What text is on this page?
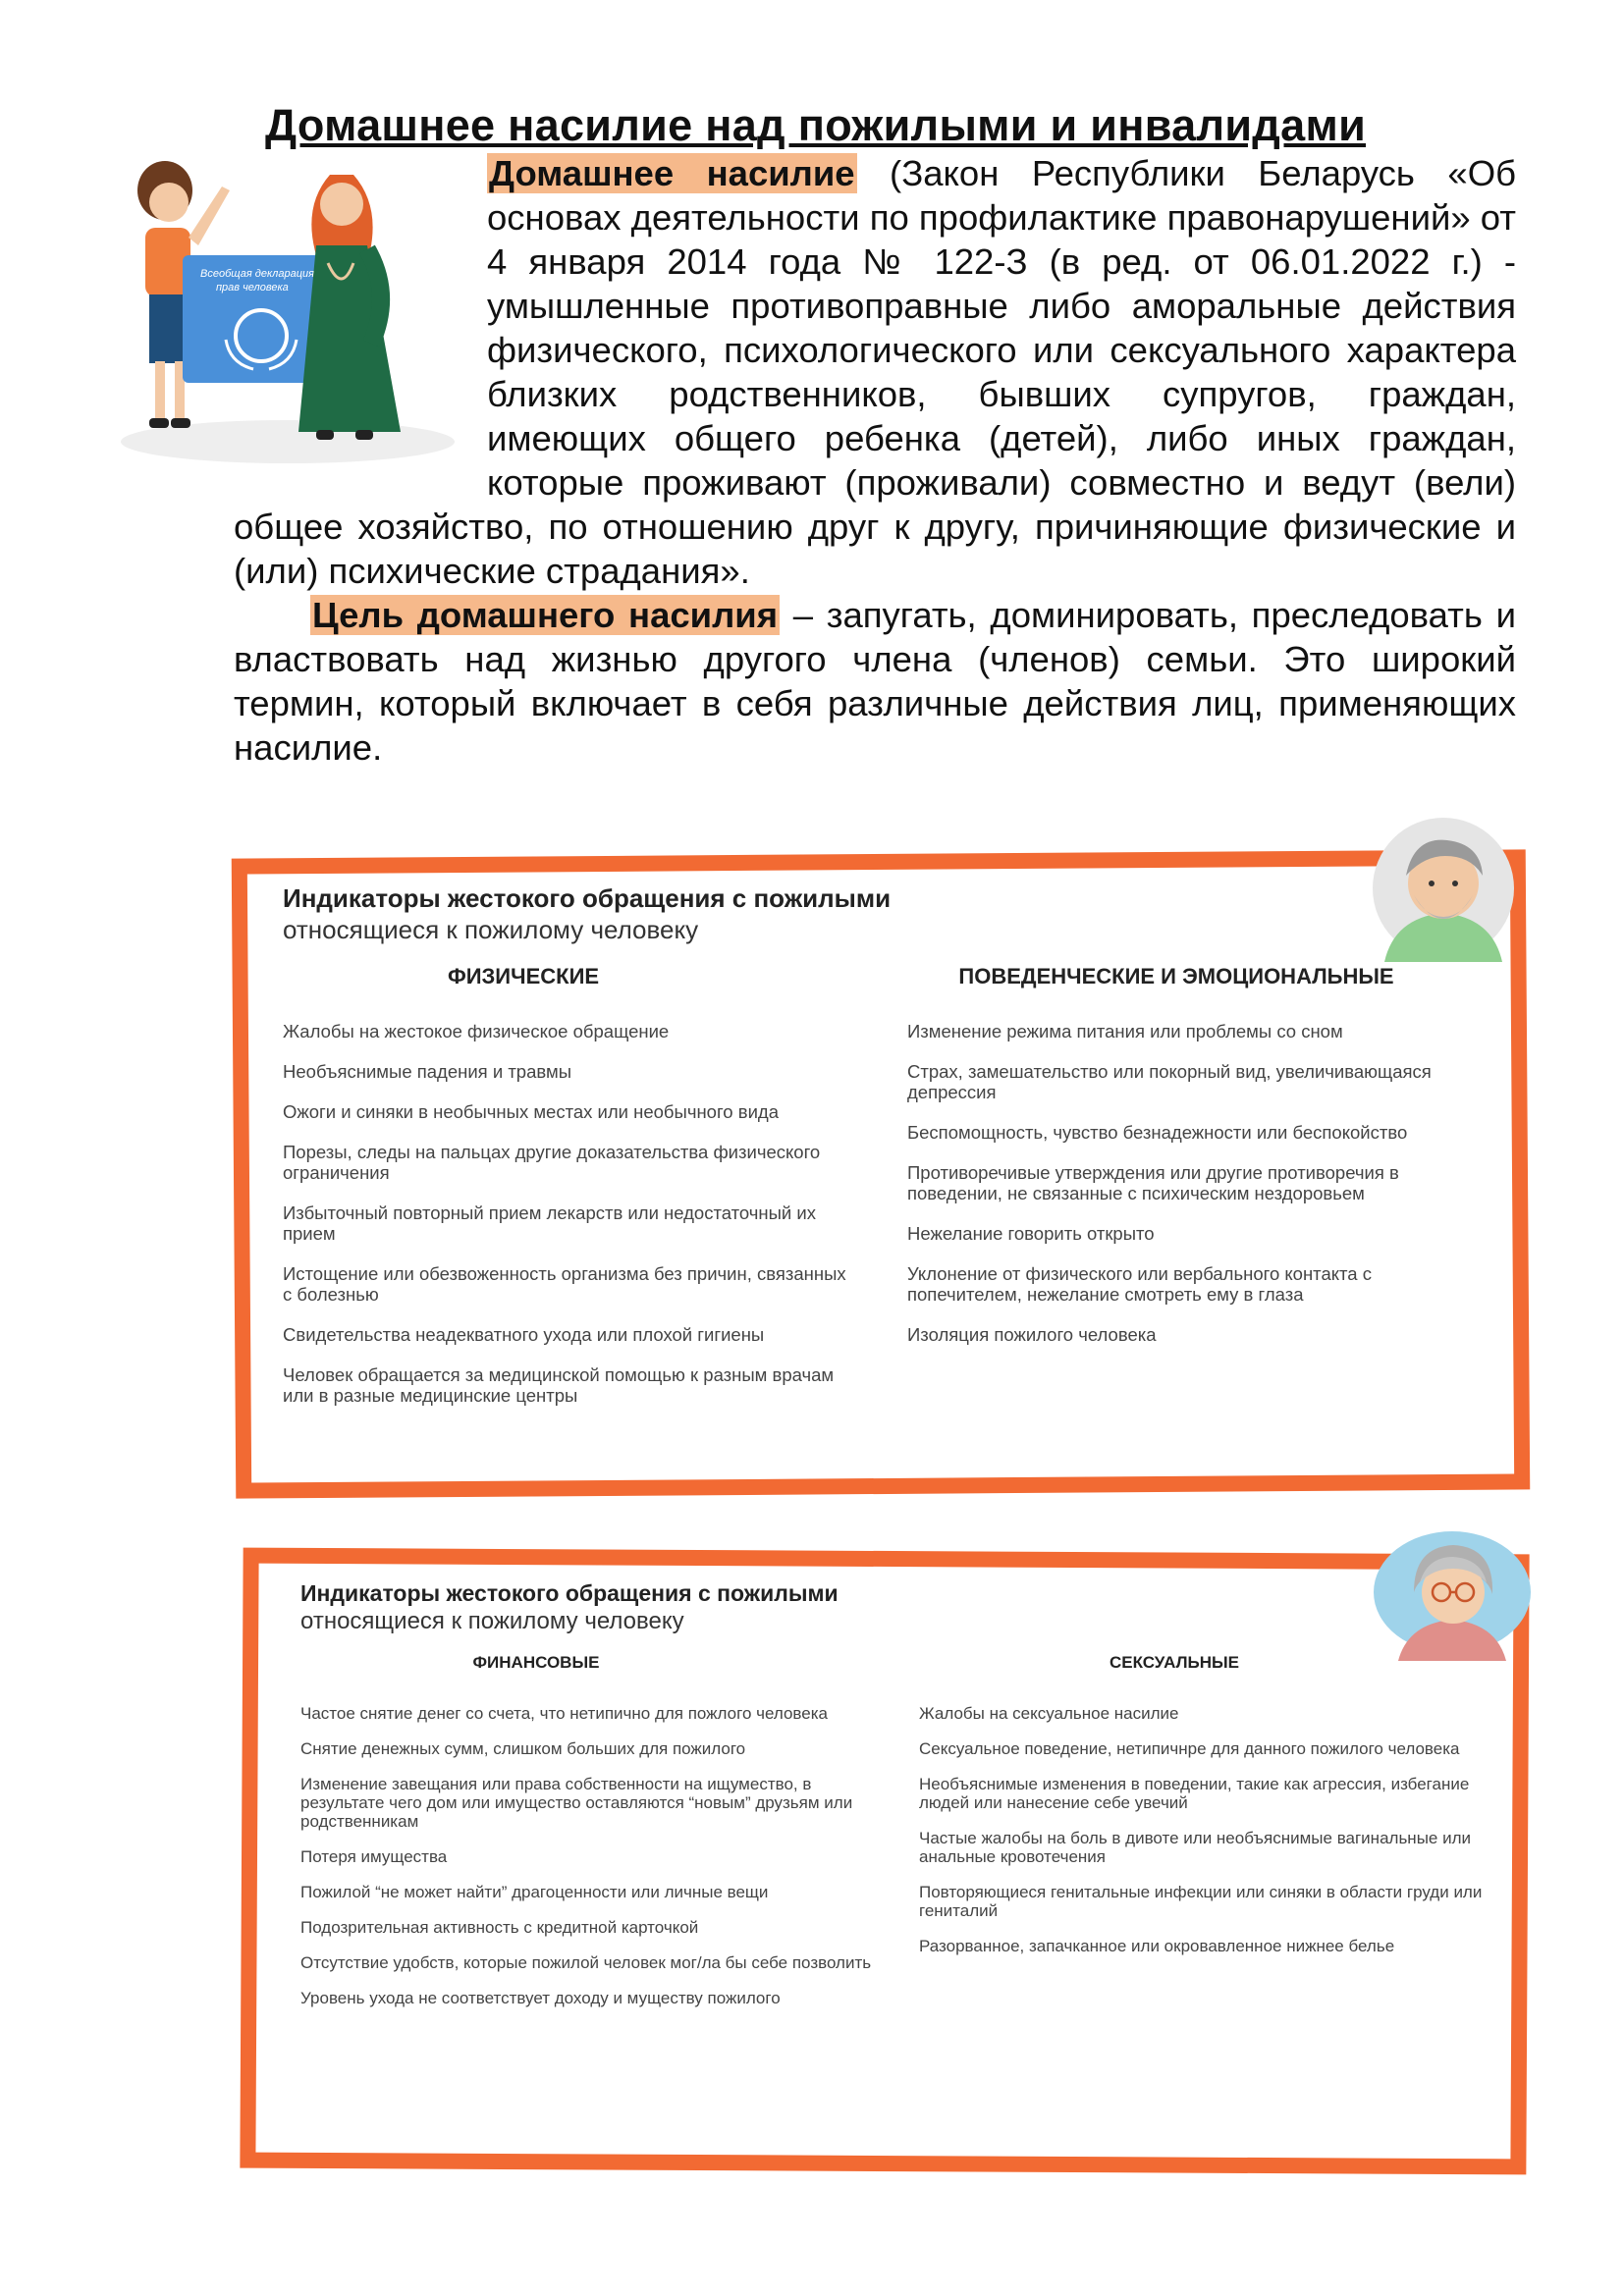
Домашнее насилие над пожилыми и инвалидами
Всеобщая декларация
прав человека
Домашнее насилие (Закон Республики Беларусь «Об основах деятельности по профилактике правонарушений» от 4 января 2014 года № 122-З (в ред. от 06.01.2022 г.) - умышленные противоправные либо аморальные действия физического, психологического или сексуального характера близких родственников, бывших супругов, граждан, имеющих общего ребенка (детей), либо иных граждан, которые проживают (проживали) совместно и ведут (вели) общее хозяйство, по отношению друг к другу, причиняющие физические и (или) психические страдания».
Цель домашнего насилия – запугать, доминировать, преследовать и властвовать над жизнью другого члена (членов) семьи. Это широкий термин, который включает в себя различные действия лиц, применяющих насилие.
Индикаторы жестокого обращения с пожилыми
относящиеся к пожилому человеку
ФИЗИЧЕСКИЕ	ПОВЕДЕНЧЕСКИЕ И ЭМОЦИОНАЛЬНЫЕ
Жалобы на жестокое физическое обращение
Необъяснимые падения и травмы
Ожоги и синяки в необычных местах или необычного вида
Порезы, следы на пальцах другие доказательства физического ограничения
Избыточный повторный прием лекарств или недостаточный их прием
Истощение или обезвоженность организма без причин, связанных с болезнью
Свидетельства неадекватного ухода или плохой гигиены
Человек обращается за медицинской помощью к разным врачам или в разные медицинские центры
Изменение режима питания или проблемы со сном
Страх, замешательство или покорный вид, увеличивающаяся депрессия
Беспомощность, чувство безнадежности или беспокойство
Противоречивые утверждения или другие противоречия в поведении, не связанные с психическим нездоровьем
Нежелание говорить открыто
Уклонение от физического или вербального контакта с попечителем, нежелание смотреть ему в глаза
Изоляция пожилого человека
Индикаторы жестокого обращения с пожилыми
относящиеся к пожилому человеку
ФИНАНСОВЫЕ	СЕКСУАЛЬНЫЕ
Частое снятие денег со счета, что нетипично для пожлого человека
Снятие денежных сумм, слишком больших для пожилого
Изменение завещания или права собственности на ищумество, в результате чего дом или имущество оставляются “новым” друзьям или родственникам
Потеря имущества
Пожилой “не может найти” драгоценности или личные вещи
Подозрительная активность с кредитной карточкой
Отсутствие удобств, которые пожилой человек мог/ла бы себе позволить
Уровень ухода не соответствует доходу и муществу пожилого
Жалобы на сексуальное насилие
Сексуальное поведение, нетипичнре для данного пожилого человека
Необъяснимые изменения в поведении, такие как агрессия, избегание людей или нанесение себе увечий
Частые жалобы на боль в дивоте или необъяснимые вагинальные или анальные кровотечения
Повторяющиеся генитальные инфекции или синяки в области груди или гениталий
Разорванное, запачканное или окровавленное нижнее белье
